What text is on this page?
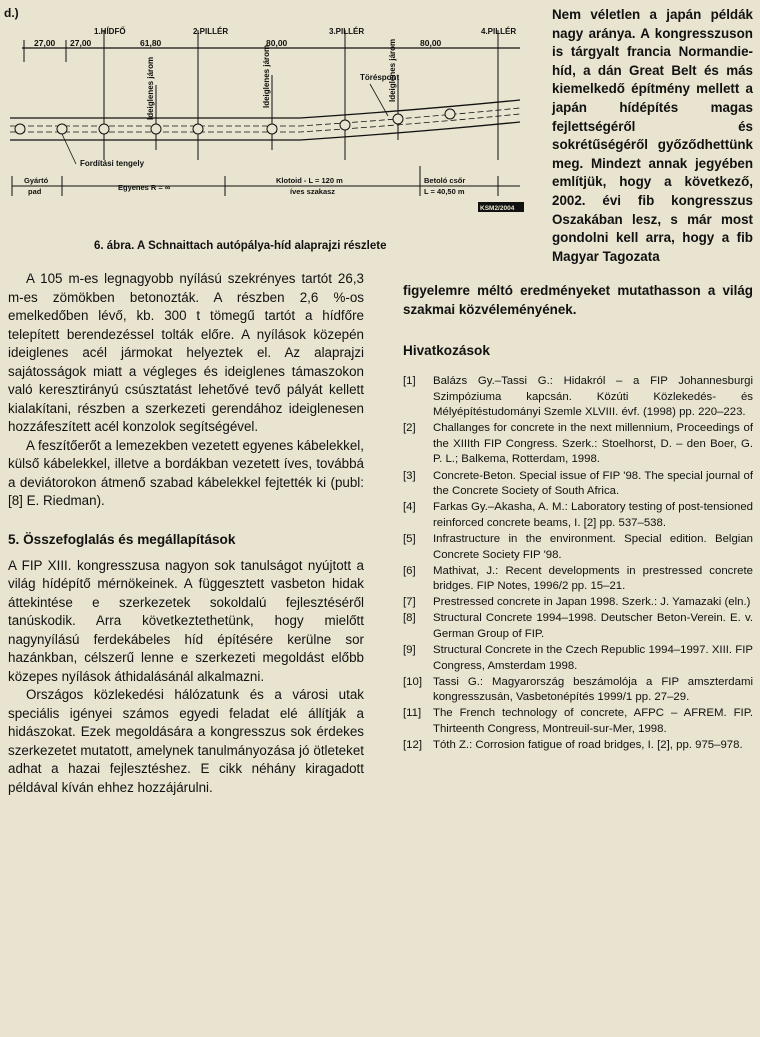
d.)
1.HÍDFŐ	2.PILLÉR	3.PILLÉR	4.PILLÉR
27,00 27,00	61,80	80,00	80,00
Ideiglenes járom	Ideiglenes járom	Ideiglenes járom
Töréspont
Fordítási tengely
Gyártó
pad	Egyenes R = ∞
Klotoid - L = 120 m
íves szakasz
Betoló csőr
L = 40,50 m
KSM2/2004
6. ábra. A Schnaittach autópálya-híd alaprajzi részlete

Nem véletlen a japán példák nagy aránya. A kongresszuson is tárgyalt francia Normandie-híd, a dán Great Belt és más kiemelkedő építmény mellett a japán hídépítés magas fejlettségéről és sokrétűségéről győződhettünk meg. Mindezt annak jegyében említjük, hogy a következő, 2002. évi fib kongresszus Oszakában lesz, s már most gondolni kell arra, hogy a fib Magyar Tagozata

figyelemre méltó eredményeket mutathasson a világ szakmai közvéleményének.

A 105 m-es legnagyobb nyílású szekrényes tartót 26,3 m-es zömökben betonozták. A részben 2,6 %-os emelkedőben lévő, kb. 300 t tömegű tartót a hídfőre telepített berendezéssel tolták előre. A nyílások közepén ideiglenes acél jármokat helyeztek el. Az alaprajzi sajátosságok miatt a végleges és ideiglenes támaszokon való keresztirányú csúsztatást lehetővé tevő pályát kellett kialakítani, részben a szerkezeti gerendához ideiglenesen hozzáfeszített acél konzolok segítségével.

A feszítőerőt a lemezekben vezetett egyenes kábelekkel, külső kábelekkel, illetve a bordákban vezetett íves, továbbá a deviátorokon átmenő szabad kábelekkel fejtették ki (publ: [8] E. Riedman).

5. Összefoglalás és megállapítások

A FIP XIII. kongresszusa nagyon sok tanulságot nyújtott a világ hídépítő mérnökeinek. A függesztett vasbeton hidak áttekintése e szerkezetek sokoldalú fejlesztéséről tanúskodik. Arra következtethetünk, hogy mielőtt nagynyílású ferdekábeles híd építésére kerülne sor hazánkban, célszerű lenne e szerkezeti megoldást előbb közepes nyílások áthidalásánál alkalmazni.

Országos közlekedési hálózatunk és a városi utak speciális igényei számos egyedi feladat elé állítják a hidászokat. Ezek megoldására a kongresszus sok érdekes szerkezetet mutatott, amelynek tanulmányozása jó ötleteket adhat a hazai fejlesztéshez. E cikk néhány kiragadott példával kíván ehhez hozzájárulni.

Hivatkozások
[1]	Balázs Gy.–Tassi G.: Hidakról – a FIP Johannesburgi Szimpóziuma kapcsán. Közúti Közlekedés- és Mélyépítéstudományi Szemle XLVIII. évf. (1998) pp. 220–223.
[2]	Challanges for concrete in the next millennium, Proceedings of the XIIIth FIP Congress. Szerk.: Stoelhorst, D. – den Boer, G. P. L.; Balkema, Rotterdam, 1998.
[3]	Concrete-Beton. Special issue of FIP '98. The special journal of the Concrete Society of South Africa.
[4]	Farkas Gy.–Akasha, A. M.: Laboratory testing of post-tensioned reinforced concrete beams, I. [2] pp. 537–538.
[5]	Infrastructure in the environment. Special edition. Belgian Concrete Society FIP '98.
[6]	Mathivat, J.: Recent developments in prestressed concrete bridges. FIP Notes, 1996/2 pp. 15–21.
[7]	Prestressed concrete in Japan 1998. Szerk.: J. Yamazaki (eln.)
[8]	Structural Concrete 1994–1998. Deutscher Beton-Verein. E. v. German Group of FIP.
[9]	Structural Concrete in the Czech Republic 1994–1997. XIII. FIP Congress, Amsterdam 1998.
[10] Tassi G.: Magyarország beszámolója a FIP amszterdami kongresszusán, Vasbetonépítés 1999/1 pp. 27–29.
[11]	The French technology of concrete, AFPC – AFREM. FIP. Thirteenth Congress, Montreuil-sur-Mer, 1998.
[12] Tóth Z.: Corrosion fatigue of road bridges, I. [2], pp. 975–978.
